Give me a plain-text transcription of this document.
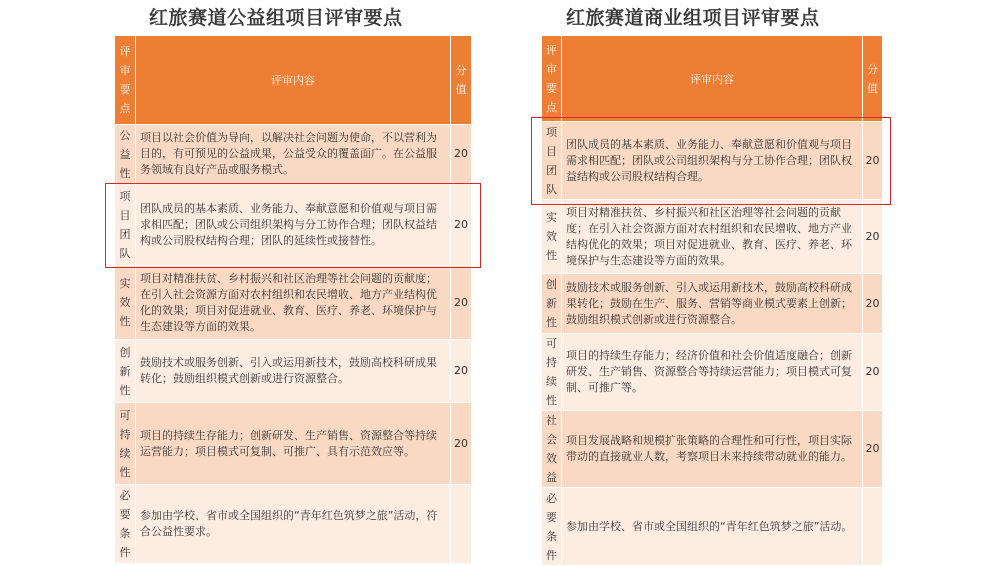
红旅赛道公益组项目评审要点
评
审
要
点	评审内容	分
值

公
益
性	项目以社会价值为导向，以解决社会问题为使命，不以营利为目的，有可预见的公益成果，公益受众的覆盖面广。在公益服务领域有良好产品或服务模式。	20

项
目
团
队	团队成员的基本素质、业务能力、奉献意愿和价值观与项目需求相匹配；团队或公司组织架构与分工协作合理；团队权益结构或公司股权结构合理；团队的延续性或接替性。	20

实
效
性	项目对精准扶贫、乡村振兴和社区治理等社会问题的贡献度；在引入社会资源方面对农村组织和农民增收、地方产业结构优化的效果；项目对促进就业、教育、医疗、养老、环境保护与生态建设等方面的效果。	20

创
新
性	鼓励技术或服务创新、引入或运用新技术，鼓励高校科研成果转化；鼓励组织模式创新或进行资源整合。	20

可
持
续
性	项目的持续生存能力；创新研发、生产销售、资源整合等持续运营能力；项目模式可复制、可推广、具有示范效应等。	20

必
要
条
件	参加由学校、省市或全国组织的“青年红色筑梦之旅”活动，符合公益性要求。	
红旅赛道商业组项目评审要点
评
审
要
点	评审内容	分
值

项
目
团
队	团队成员的基本素质、业务能力、奉献意愿和价值观与项目需求相匹配；团队或公司组织架构与分工协作合理；团队权益结构或公司股权结构合理。	20

实
效
性	项目对精准扶贫、乡村振兴和社区治理等社会问题的贡献度；在引入社会资源方面对农村组织和农民增收、地方产业结构优化的效果；项目对促进就业、教育、医疗、养老、环境保护与生态建设等方面的效果。	20

创
新
性	鼓励技术或服务创新、引入或运用新技术，鼓励高校科研成果转化；鼓励在生产、服务、营销等商业模式要素上创新；鼓励组织模式创新或进行资源整合。	20

可
持
续
性	项目的持续生存能力；经济价值和社会价值适度融合；创新研发、生产销售、资源整合等持续运营能力；项目模式可复制、可推广等。	20

社
会
效
益	项目发展战略和规模扩张策略的合理性和可行性，项目实际带动的直接就业人数，考察项目未来持续带动就业的能力。	20

必
要
条
件	参加由学校、省市或全国组织的“青年红色筑梦之旅”活动。	
